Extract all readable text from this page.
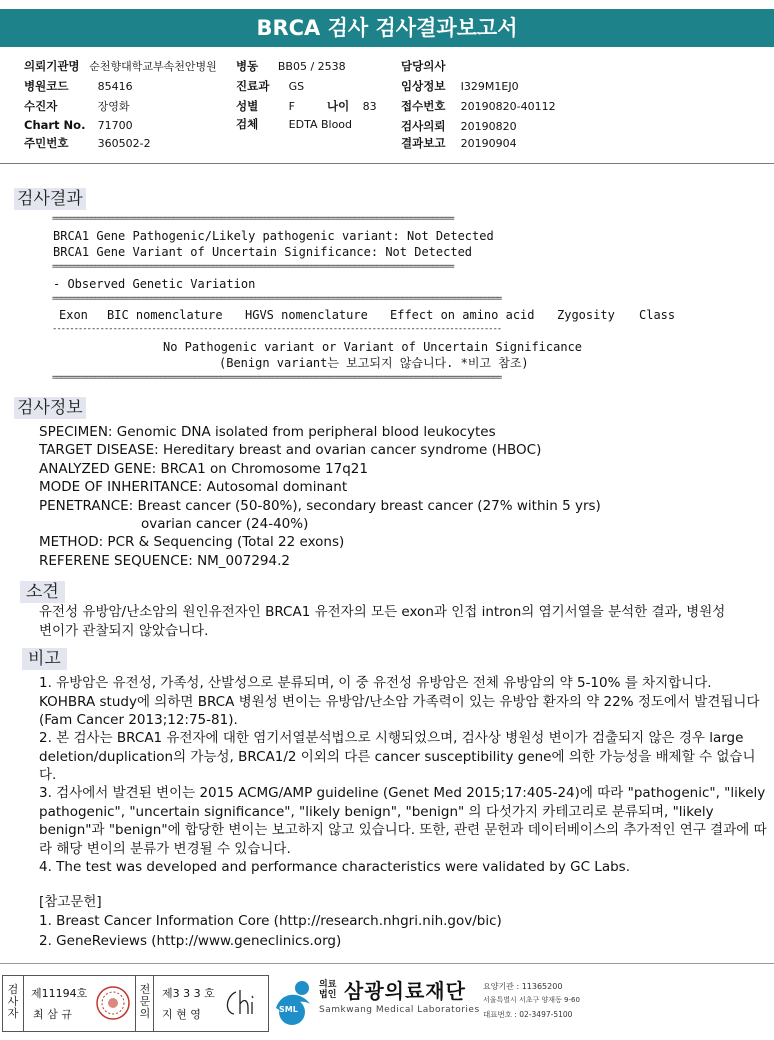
BRCA 검사 검사결과보고서
의뢰기관명 순천향대학교부속천안병원 병동 BB05 / 2538	담당의사
병원코드	85416	진료과 GS	임상정보 I329M1EJ0
수진자	장영화	성별	F	나이 83 접수번호 20190820-40112
Chart No. 71700	검체	EDTA Blood	검사의뢰 20190820
주민번호	360502-2	결과보고 20190904
검사결과
=============================================================================================
BRCA1 Gene Pathogenic/Likely pathogenic variant: Not Detected
BRCA1 Gene Variant of Uncertain Significance: Not Detected
=============================================================================================
- Observed Genetic Variation
========================================================================================================
Exon BIC nomenclature HGVS nomenclature Effect on amino acid Zygosity Class
--------------------------------------------------------------------------------------------------------
No Pathogenic variant or Variant of Uncertain Significance
(Benign variant는 보고되지 않습니다. *비고 참조)
========================================================================================================
검사정보
SPECIMEN: Genomic DNA isolated from peripheral blood leukocytes
TARGET DISEASE: Hereditary breast and ovarian cancer syndrome (HBOC)
ANALYZED GENE: BRCA1 on Chromosome 17q21
MODE OF INHERITANCE: Autosomal dominant
PENETRANCE: Breast cancer (50-80%), secondary breast cancer (27% within 5 yrs)
ovarian cancer (24-40%)
METHOD: PCR & Sequencing (Total 22 exons)
REFERENE SEQUENCE: NM_007294.2
소견
유전성 유방암/난소암의 원인유전자인 BRCA1 유전자의 모든 exon과 인접 intron의 염기서열을 분석한 결과, 병원성 변이가 관찰되지 않았습니다.
비고
1. 유방암은 유전성, 가족성, 산발성으로 분류되며, 이 중 유전성 유방암은 전체 유방암의 약 5-10% 를 차지합니다. KOHBRA study에 의하면 BRCA 병원성 변이는 유방암/난소암 가족력이 있는 유방암 환자의 약 22% 정도에서 발견됩니다 (Fam Cancer 2013;12:75-81).
2. 본 검사는 BRCA1 유전자에 대한 염기서열분석법으로 시행되었으며, 검사상 병원성 변이가 검출되지 않은 경우 large deletion/duplication의 가능성, BRCA1/2 이외의 다른 cancer susceptibility gene에 의한 가능성을 배제할 수 없습니다.
3. 검사에서 발견된 변이는 2015 ACMG/AMP guideline (Genet Med 2015;17:405-24)에 따라 "pathogenic", "likely pathogenic", "uncertain significance", "likely benign", "benign" 의 다섯가지 카테고리로 분류되며, "likely benign"과 "benign"에 합당한 변이는 보고하지 않고 있습니다. 또한, 관련 문헌과 데이터베이스의 추가적인 연구 결과에 따라 해당 변이의 분류가 변경될 수 있습니다.
4. The test was developed and performance characteristics were validated by GC Labs.
[참고문헌]
1. Breast Cancer Information Core (http://research.nhgri.nih.gov/bic)
2. GeneReviews (http://www.geneclinics.org)
검사자
제11194호
최 삼 규
전문의
제3 3 3 호
지 현 영	SML
의료 법인 삼광의료재단
Samkwang Medical Laboratories
요양기관 : 11365200
서울특별시 서초구 양재동 9-60
대표번호 : 02-3497-5100
